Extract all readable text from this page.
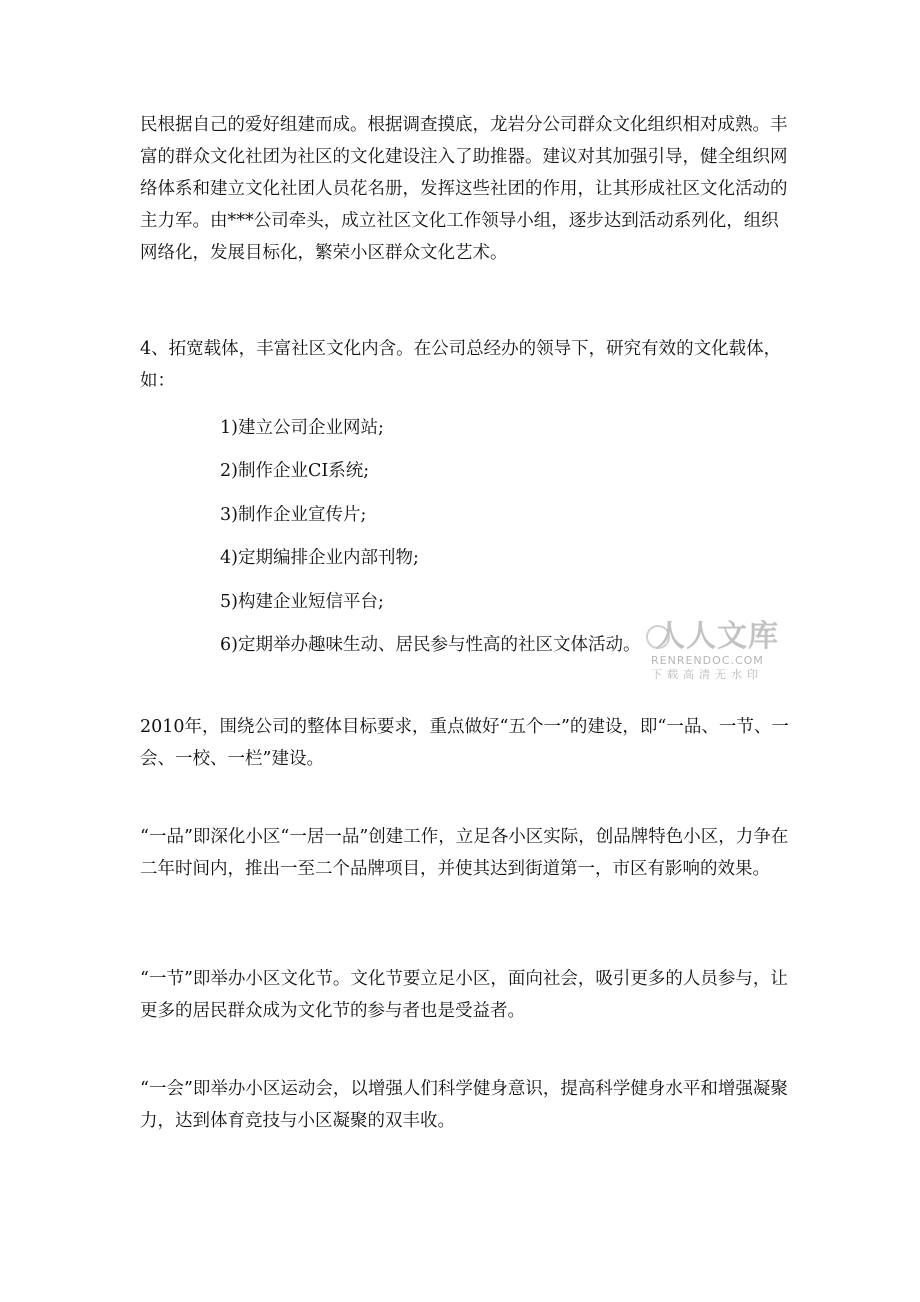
民根据自己的爱好组建而成。根据调查摸底，龙岩分公司群众文化组织相对成熟。丰富的群众文化社团为社区的文化建设注入了助推器。建议对其加强引导，健全组织网络体系和建立文化社团人员花名册，发挥这些社团的作用，让其形成社区文化活动的主力军。由***公司牵头，成立社区文化工作领导小组，逐步达到活动系列化，组织网络化，发展目标化，繁荣小区群众文化艺术。

4、拓宽载体，丰富社区文化内含。在公司总经办的领导下，研究有效的文化载体，如：

1)建立公司企业网站;

2)制作企业CI系统;

3)制作企业宣传片;

4)定期编排企业内部刊物;

5)构建企业短信平台;

6)定期举办趣味生动、居民参与性高的社区文体活动。

2010年，围绕公司的整体目标要求，重点做好“五个一”的建设，即“一品、一节、一会、一校、一栏”建设。

“一品”即深化小区“一居一品”创建工作，立足各小区实际，创品牌特色小区，力争在二年时间内，推出一至二个品牌项目，并使其达到街道第一，市区有影响的效果。

“一节”即举办小区文化节。文化节要立足小区，面向社会，吸引更多的人员参与，让更多的居民群众成为文化节的参与者也是受益者。

“一会”即举办小区运动会，以增强人们科学健身意识，提高科学健身水平和增强凝聚力，达到体育竞技与小区凝聚的双丰收。

人人文库
RENRENDOC.COM
下载高清无水印
